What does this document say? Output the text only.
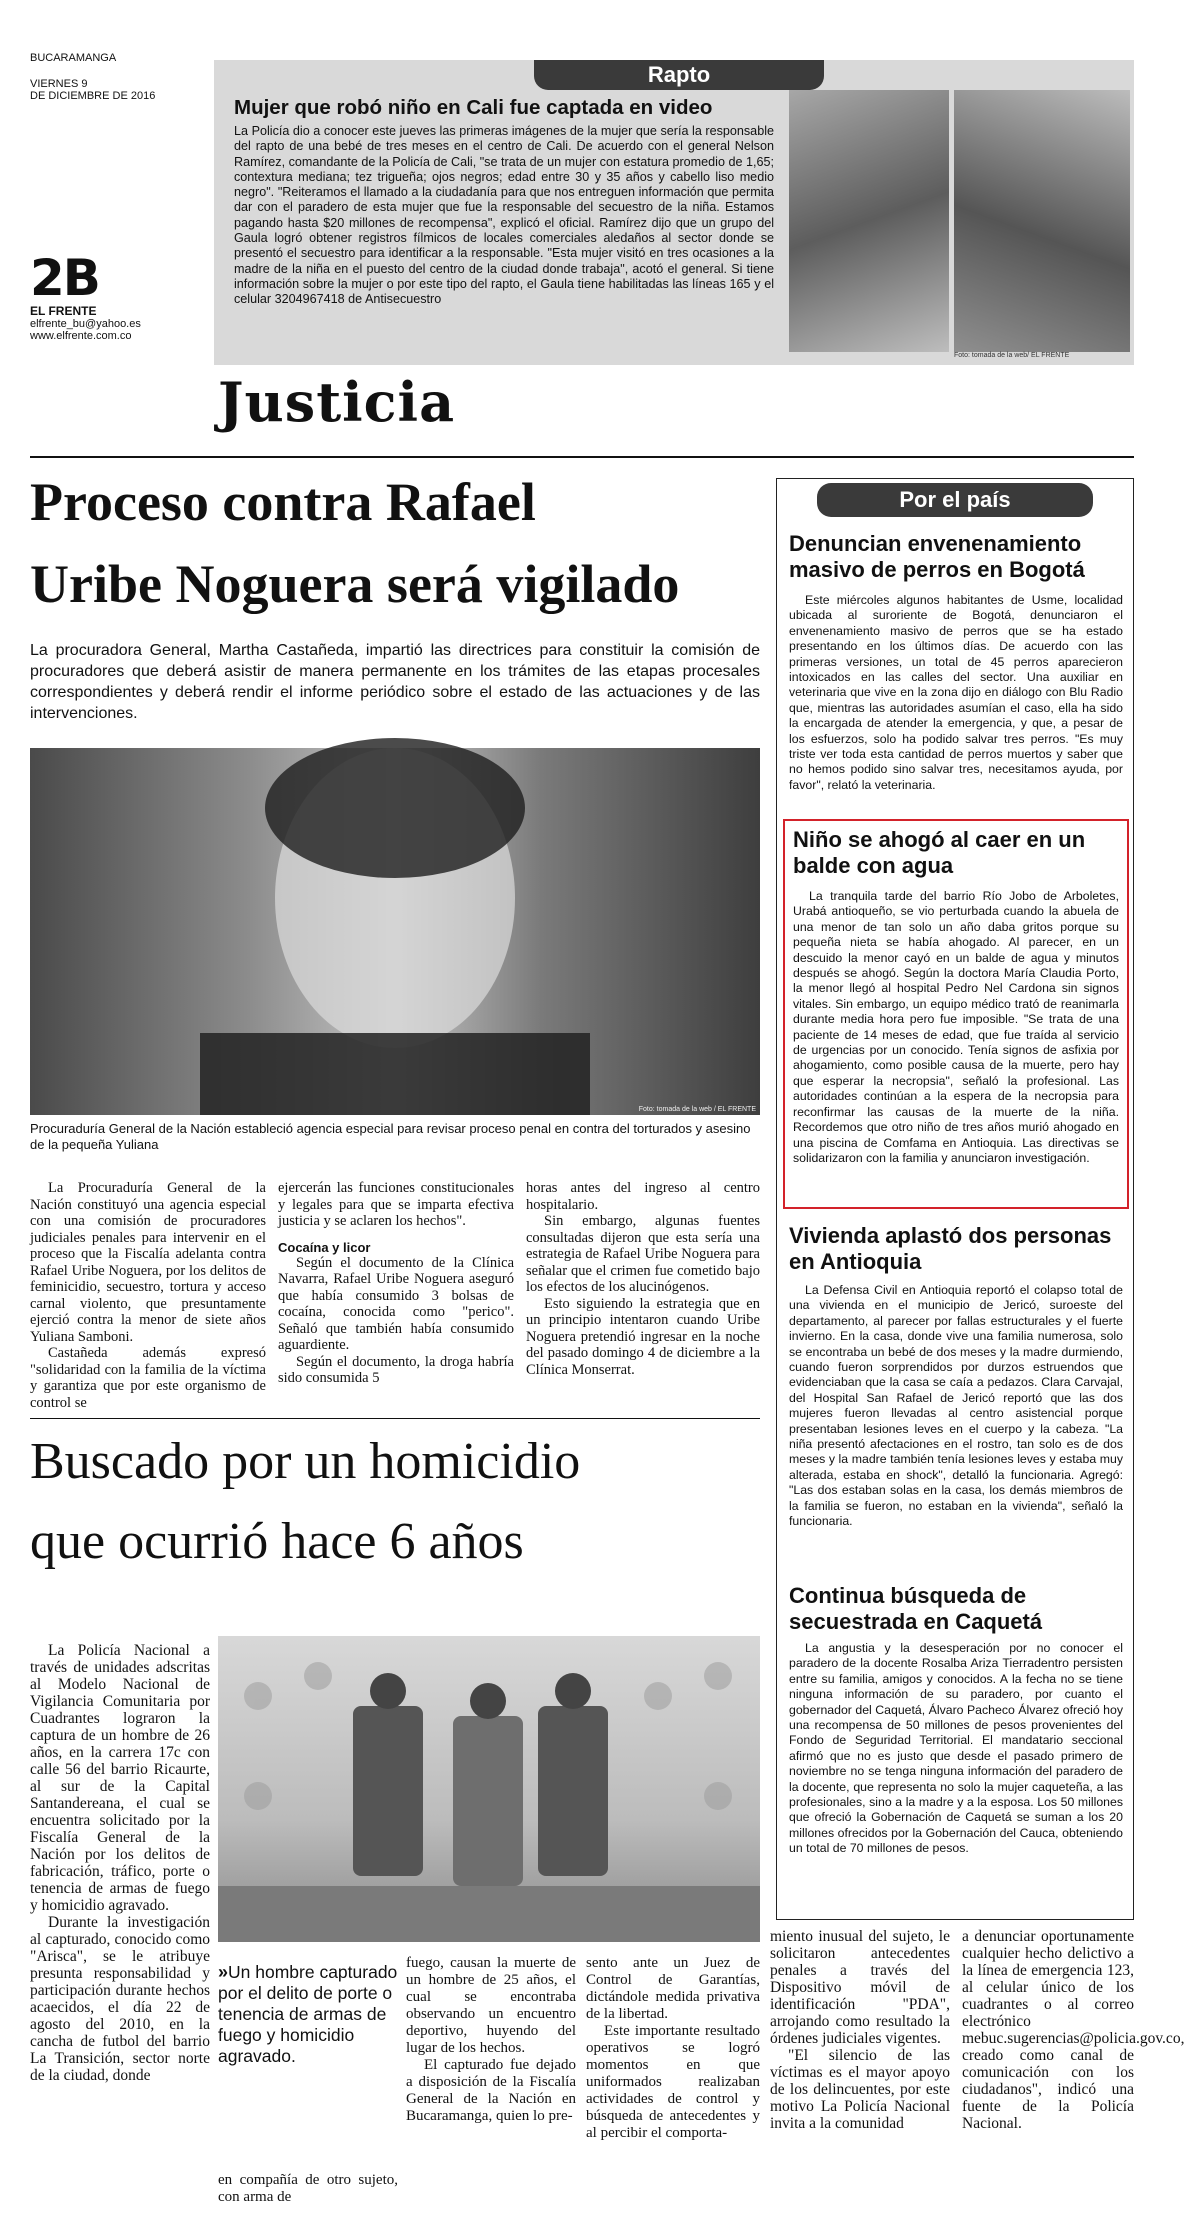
BUCARAMANGA
VIERNES 9
DE DICIEMBRE DE 2016
2B
EL FRENTE
elfrente_bu@yahoo.es
www.elfrente.com.co
Rapto
Mujer que robó niño en Cali fue captada en video

La Policía dio a conocer este jueves las primeras imágenes de la mujer que sería la responsable del rapto de una bebé de tres meses en el centro de Cali. De acuerdo con el general Nelson Ramírez, comandante de la Policía de Cali, "se trata de un mujer con estatura promedio de 1,65; contextura mediana; tez trigueña; ojos negros; edad entre 30 y 35 años y cabello liso medio negro". "Reiteramos el llamado a la ciudadanía para que nos entreguen información que permita dar con el paradero de esta mujer que fue la responsable del secuestro de la niña. Estamos pagando hasta $20 millones de recompensa", explicó el oficial. Ramírez dijo que un grupo del Gaula logró obtener registros fílmicos de locales comerciales aledaños al sector donde se presentó el secuestro para identificar a la responsable. "Esta mujer visitó en tres ocasiones a la madre de la niña en el puesto del centro de la ciudad donde trabaja", acotó el general. Si tiene información sobre la mujer o por este tipo del rapto, el Gaula tiene habilitadas las líneas 165 y el celular 3204967418 de Antisecuestro

Foto: tomada de la web/ EL FRENTE
Justicia
Proceso contra Rafael
Uribe Noguera será vigilado

La procuradora General, Martha Castañeda, impartió las directrices para constituir la comisión de procuradores que deberá asistir de manera permanente en los trámites de las etapas procesales correspondientes y deberá rendir el informe periódico sobre el estado de las actuaciones y de las intervenciones.

Foto: tomada de la web / EL FRENTE
Procuraduría General de la Nación estableció agencia especial para revisar proceso penal en contra del torturados y asesino de la pequeña Yuliana

La Procuraduría General de la Nación constituyó una agencia especial con una comisión de procuradores judiciales penales para intervenir en el proceso que la Fiscalía adelanta contra Rafael Uribe Noguera, por los delitos de feminicidio, secuestro, tortura y acceso carnal violento, que presuntamente ejerció contra la menor de siete años Yuliana Samboni.

Castañeda además expresó "solidaridad con la familia de la víctima y garantiza que por este organismo de control se

ejercerán las funciones constitucionales y legales para que se imparta efectiva justicia y se aclaren los hechos".

Cocaína y licor

Según el documento de la Clínica Navarra, Rafael Uribe Noguera aseguró que había consumido 3 bolsas de cocaína, conocida como "perico". Señaló que también había consumido aguardiente.

Según el documento, la droga habría sido consumida 5

horas antes del ingreso al centro hospitalario.

Sin embargo, algunas fuentes consultadas dijeron que esta sería una estrategia de Rafael Uribe Noguera para señalar que el crimen fue cometido bajo los efectos de los alucinógenos.

Esto siguiendo la estrategia que en un principio intentaron cuando Uribe Noguera pretendió ingresar en la noche del pasado domingo 4 de diciembre a la Clínica Monserrat.

Buscado por un homicidio
que ocurrió hace 6 años

La Policía Nacional a través de unidades adscritas al Modelo Nacional de Vigilancia Comunitaria por Cuadrantes lograron la captura de un hombre de 26 años, en la carrera 17c con calle 56 del barrio Ricaurte, al sur de la Capital Santandereana, el cual se encuentra solicitado por la Fiscalía General de la Nación por los delitos de fabricación, tráfico, porte o tenencia de armas de fuego y homicidio agravado.

Durante la investigación al capturado, conocido como "Arisca", se le atribuye presunta responsabilidad y participación durante hechos acaecidos, el día 22 de agosto del 2010, en la cancha de futbol del barrio La Transición, sector norte de la ciudad, donde

»Un hombre capturado por el delito de porte o tenencia de armas de fuego y homicidio agravado.

en compañía de otro sujeto, con arma de

fuego, causan la muerte de un hombre de 25 años, el cual se encontraba observando un encuentro deportivo, huyendo del lugar de los hechos.

El capturado fue dejado a disposición de la Fiscalía General de la Nación en Bucaramanga, quien lo pre-

sento ante un Juez de Control de Garantías, dictándole medida privativa de la libertad.

Este importante resultado operativos se logró momentos en que uniformados realizaban actividades de control y búsqueda de antecedentes y al percibir el comporta-

miento inusual del sujeto, le solicitaron antecedentes penales a través del Dispositivo móvil de identificación "PDA", arrojando como resultado la órdenes judiciales vigentes.

"El silencio de las víctimas es el mayor apoyo de los delincuentes, por este motivo La Policía Nacional invita a la comunidad

a denunciar oportunamente cualquier hecho delictivo a la línea de emergencia 123, al celular único de los cuadrantes o al correo electrónico mebuc.sugerencias@policia.gov.co, creado como canal de comunicación con los ciudadanos", indicó una fuente de la Policía Nacional.

Por el país
Denuncian envenenamiento masivo de perros en Bogotá

Este miércoles algunos habitantes de Usme, localidad ubicada al suroriente de Bogotá, denunciaron el envenenamiento masivo de perros que se ha estado presentando en los últimos días. De acuerdo con las primeras versiones, un total de 45 perros aparecieron intoxicados en las calles del sector. Una auxiliar en veterinaria que vive en la zona dijo en diálogo con Blu Radio que, mientras las autoridades asumían el caso, ella ha sido la encargada de atender la emergencia, y que, a pesar de los esfuerzos, solo ha podido salvar tres perros. "Es muy triste ver toda esta cantidad de perros muertos y saber que no hemos podido sino salvar tres, necesitamos ayuda, por favor", relató la veterinaria.

Niño se ahogó al caer en un balde con agua

La tranquila tarde del barrio Río Jobo de Arboletes, Urabá antioqueño, se vio perturbada cuando la abuela de una menor de tan solo un año daba gritos porque su pequeña nieta se había ahogado. Al parecer, en un descuido la menor cayó en un balde de agua y minutos después se ahogó. Según la doctora María Claudia Porto, la menor llegó al hospital Pedro Nel Cardona sin signos vitales. Sin embargo, un equipo médico trató de reanimarla durante media hora pero fue imposible. "Se trata de una paciente de 14 meses de edad, que fue traída al servicio de urgencias por un conocido. Tenía signos de asfixia por ahogamiento, como posible causa de la muerte, pero hay que esperar la necropsia", señaló la profesional. Las autoridades continúan a la espera de la necropsia para reconfirmar las causas de la muerte de la niña. Recordemos que otro niño de tres años murió ahogado en una piscina de Comfama en Antioquia. Las directivas se solidarizaron con la familia y anunciaron investigación.

Vivienda aplastó dos personas en Antioquia

La Defensa Civil en Antioquia reportó el colapso total de una vivienda en el municipio de Jericó, suroeste del departamento, al parecer por fallas estructurales y el fuerte invierno. En la casa, donde vive una familia numerosa, solo se encontraba un bebé de dos meses y la madre durmiendo, cuando fueron sorprendidos por durzos estruendos que evidenciaban que la casa se caía a pedazos. Clara Carvajal, del Hospital San Rafael de Jericó reportó que las dos mujeres fueron llevadas al centro asistencial porque presentaban lesiones leves en el cuerpo y la cabeza. "La niña presentó afectaciones en el rostro, tan solo es de dos meses y la madre también tenía lesiones leves y estaba muy alterada, estaba en shock", detalló la funcionaria. Agregó: "Las dos estaban solas en la casa, los demás miembros de la familia se fueron, no estaban en la vivienda", señaló la funcionaria.

Continua búsqueda de secuestrada en Caquetá

La angustia y la desesperación por no conocer el paradero de la docente Rosalba Ariza Tierradentro persisten entre su familia, amigos y conocidos. A la fecha no se tiene ninguna información de su paradero, por cuanto el gobernador del Caquetá, Álvaro Pacheco Álvarez ofreció hoy una recompensa de 50 millones de pesos provenientes del Fondo de Seguridad Territorial. El mandatario seccional afirmó que no es justo que desde el pasado primero de noviembre no se tenga ninguna información del paradero de la docente, que representa no solo la mujer caqueteña, a las profesionales, sino a la madre y a la esposa. Los 50 millones que ofreció la Gobernación de Caquetá se suman a los 20 millones ofrecidos por la Gobernación del Cauca, obteniendo un total de 70 millones de pesos.
